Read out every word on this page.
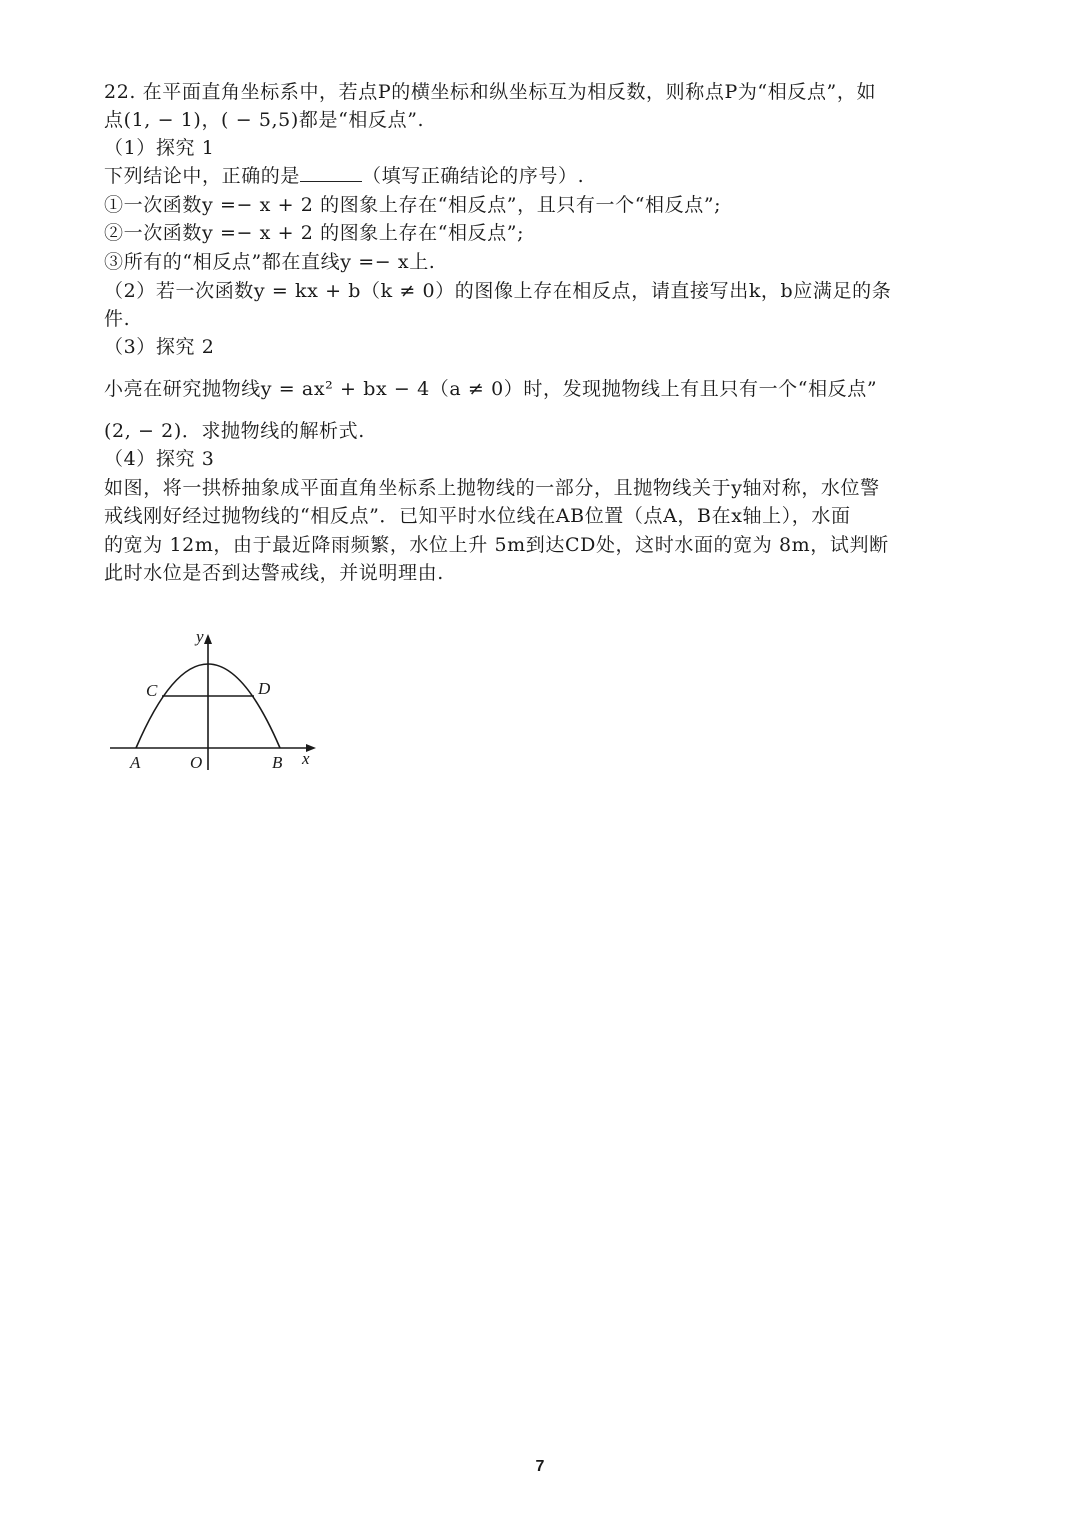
22. 在平面直角坐标系中，若点P的横坐标和纵坐标互为相反数，则称点P为“相反点”，如
点(1, − 1)，( − 5,5)都是“相反点”.
（1）探究 1
下列结论中，正确的是	（填写正确结论的序号）.
①一次函数y =− x + 2 的图象上存在“相反点”，且只有一个“相反点”;
②一次函数y =− x + 2 的图象上存在“相反点”;
③所有的“相反点”都在直线y =− x上.
（2）若一次函数y = kx + b（k ≠ 0）的图像上存在相反点，请直接写出k，b应满足的条
件.
（3）探究 2
小亮在研究抛物线y = ax² + bx − 4（a ≠ 0）时，发现抛物线上有且只有一个“相反点”
(2, − 2)．求抛物线的解析式.
（4）探究 3
如图，将一拱桥抽象成平面直角坐标系上抛物线的一部分，且抛物线关于y轴对称，水位警
戒线刚好经过抛物线的“相反点”．已知平时水位线在AB位置（点A，B在x轴上），水面
的宽为 12m，由于最近降雨频繁，水位上升 5m到达CD处，这时水面的宽为 8m，试判断
此时水位是否到达警戒线，并说明理由.
y
x
O
A	B
C	D
7
